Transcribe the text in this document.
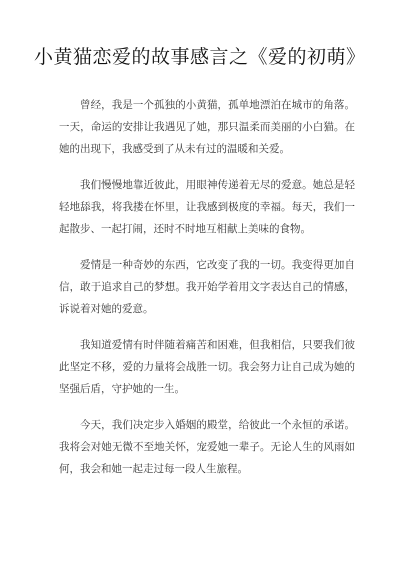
小黄猫恋爱的故事感言之《爱的初萌》

曾经，我是一个孤独的小黄猫，孤单地漂泊在城市的角落。一天，命运的安排让我遇见了她，那只温柔而美丽的小白猫。在她的出现下，我感受到了从未有过的温暖和关爱。

我们慢慢地靠近彼此，用眼神传递着无尽的爱意。她总是轻轻地舔我，将我搂在怀里，让我感到极度的幸福。每天，我们一起散步、一起打闹，还时不时地互相献上美味的食物。

爱情是一种奇妙的东西，它改变了我的一切。我变得更加自信，敢于追求自己的梦想。我开始学着用文字表达自己的情感，诉说着对她的爱意。

我知道爱情有时伴随着痛苦和困难，但我相信，只要我们彼此坚定不移，爱的力量将会战胜一切。我会努力让自己成为她的坚强后盾，守护她的一生。

今天，我们决定步入婚姻的殿堂，给彼此一个永恒的承诺。我将会对她无微不至地关怀，宠爱她一辈子。无论人生的风雨如何，我会和她一起走过每一段人生旅程。
